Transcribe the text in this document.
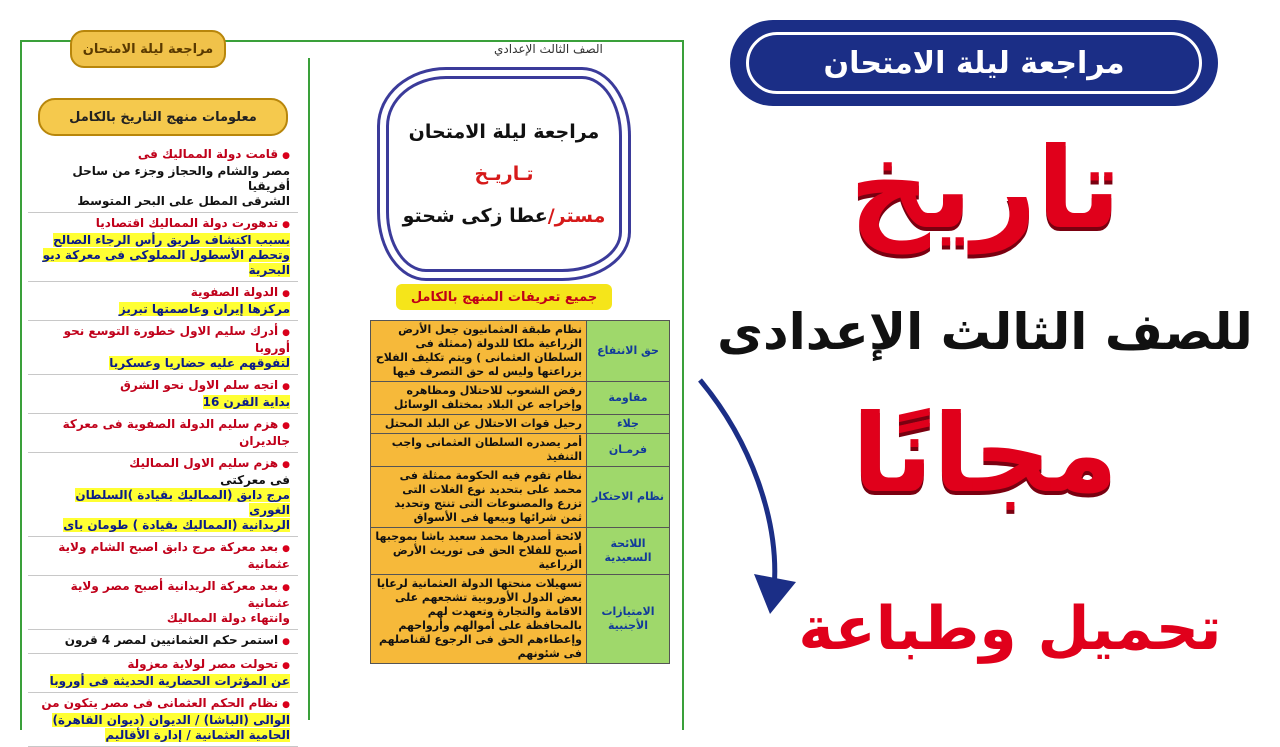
مراجعة ليلة الامتحان	الصف الثالث الإعدادي
معلومات منهج التاريخ بالكامل
●قامت دولة المماليك فى
مصر والشام والحجاز وجزء من ساحل أفريقيا
الشرقى المطل على البحر المتوسط
●تدهورت دولة المماليك اقتصاديا
بسبب اكتشاف طريق رأس الرجاء الصالح
وتحطم الأسطول المملوكى فى معركة ديو
البحرية
●الدولة الصفوية
مركزها إيران وعاصمتها تبريز
●أدرك سليم الاول خطورة التوسع نحو أوروبا
لتفوقهم عليه حضاريا وعسكريا
●اتجه سلم الاول نحو الشرق
بداية القرن 16
●هزم سليم الدولة الصفوية فى معركة
جالديران
●هزم سليم الاول المماليك
فى معركتى
مرج دابق (المماليك بقيادة )السلطان
الغورى
الريدانية (المماليك بقيادة ) طومان باى
●بعد معركة مرج دابق اصبح الشام ولاية
عثمانية
●بعد معركة الريدانية أصبح مصر ولاية عثمانية
وانتهاء دولة المماليك
●استمر حكم العثمانيين لمصر 4 قرون
●تحولت مصر لولاية معزولة
عن المؤثرات الحضارية الحديثة فى أوروبا
●نظام الحكم العثمانى فى مصر يتكون من
الوالى (الباشا) / الديوان (ديوان القاهرة)
الحامية العثمانية / إدارة الأقاليم
مراجعة ليلة الامتحان
تـاريـخ
مستر/عطا زكى شحتو
جميع تعريفات المنهج بالكامل
حق الانتفاع	نظام طبقة العثمانيون جعل الأرض الزراعية ملكا للدولة (ممثلة فى السلطان العثمانى ) ويتم تكليف الفلاح بزراعتها وليس له حق التصرف فيها
مقاومة	رفض الشعوب للاحتلال ومظاهره وإخراجه عن البلاد بمختلف الوسائل
جلاء	رحيل قوات الاحتلال عن البلد المحتل
فرمـان	أمر يصدره السلطان العثمانى واجب التنفيذ
نظام الاحتكار	نظام تقوم فيه الحكومة ممثلة فى محمد على بتحديد نوع الغلات التى تزرع والمصنوعات التى تنتج وتحديد ثمن شرائها وبيعها فى الأسواق
اللائحة السعيدية	لائحة أصدرها محمد سعيد باشا بموجبها أصبح للفلاح الحق فى توريث الأرض الزراعية
الامتيازات الأجنبية	تسهيلات منحتها الدولة العثمانية لرعايا بعض الدول الأوروبية تشجعهم على الاقامة والتجارة وتعهدت لهم بالمحافظة على أموالهم وأرواحهم وإعطاءهم الحق فى الرجوع لقناصلهم فى شئونهم
مراجعة ليلة الامتحان
تاريخ
للصف الثالث الإعدادى
مجانًا
تحميل وطباعة
